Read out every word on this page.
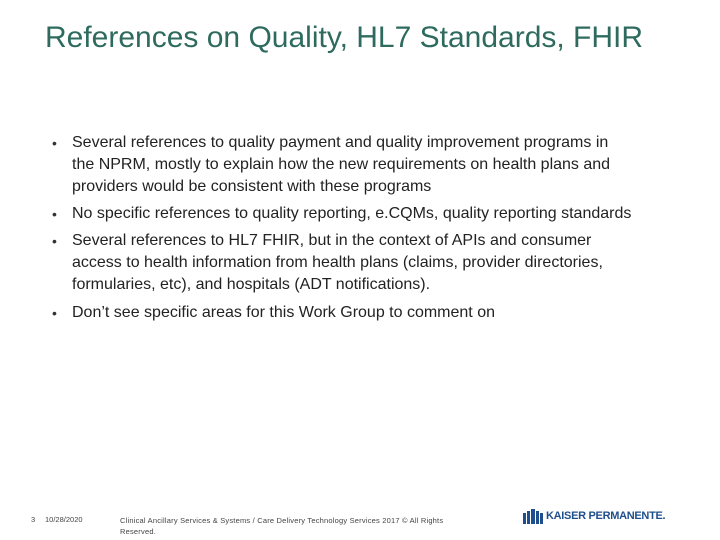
References on Quality, HL7 Standards, FHIR
• Several references to quality payment and quality improvement programs in the NPRM, mostly to explain how the new requirements on health plans and providers would be consistent with these programs
• No specific references to quality reporting, e.CQMs, quality reporting standards
• Several references to HL7 FHIR, but in the context of APIs and consumer access to health information from health plans (claims, provider directories, formularies, etc), and hospitals (ADT notifications).
• Don’t see specific areas for this Work Group to comment on
3 10/28/2020	Clinical Ancillary Services & Systems / Care Delivery Technology Services 2017 © All Rights Reserved.
KAISER PERMANENTE.
